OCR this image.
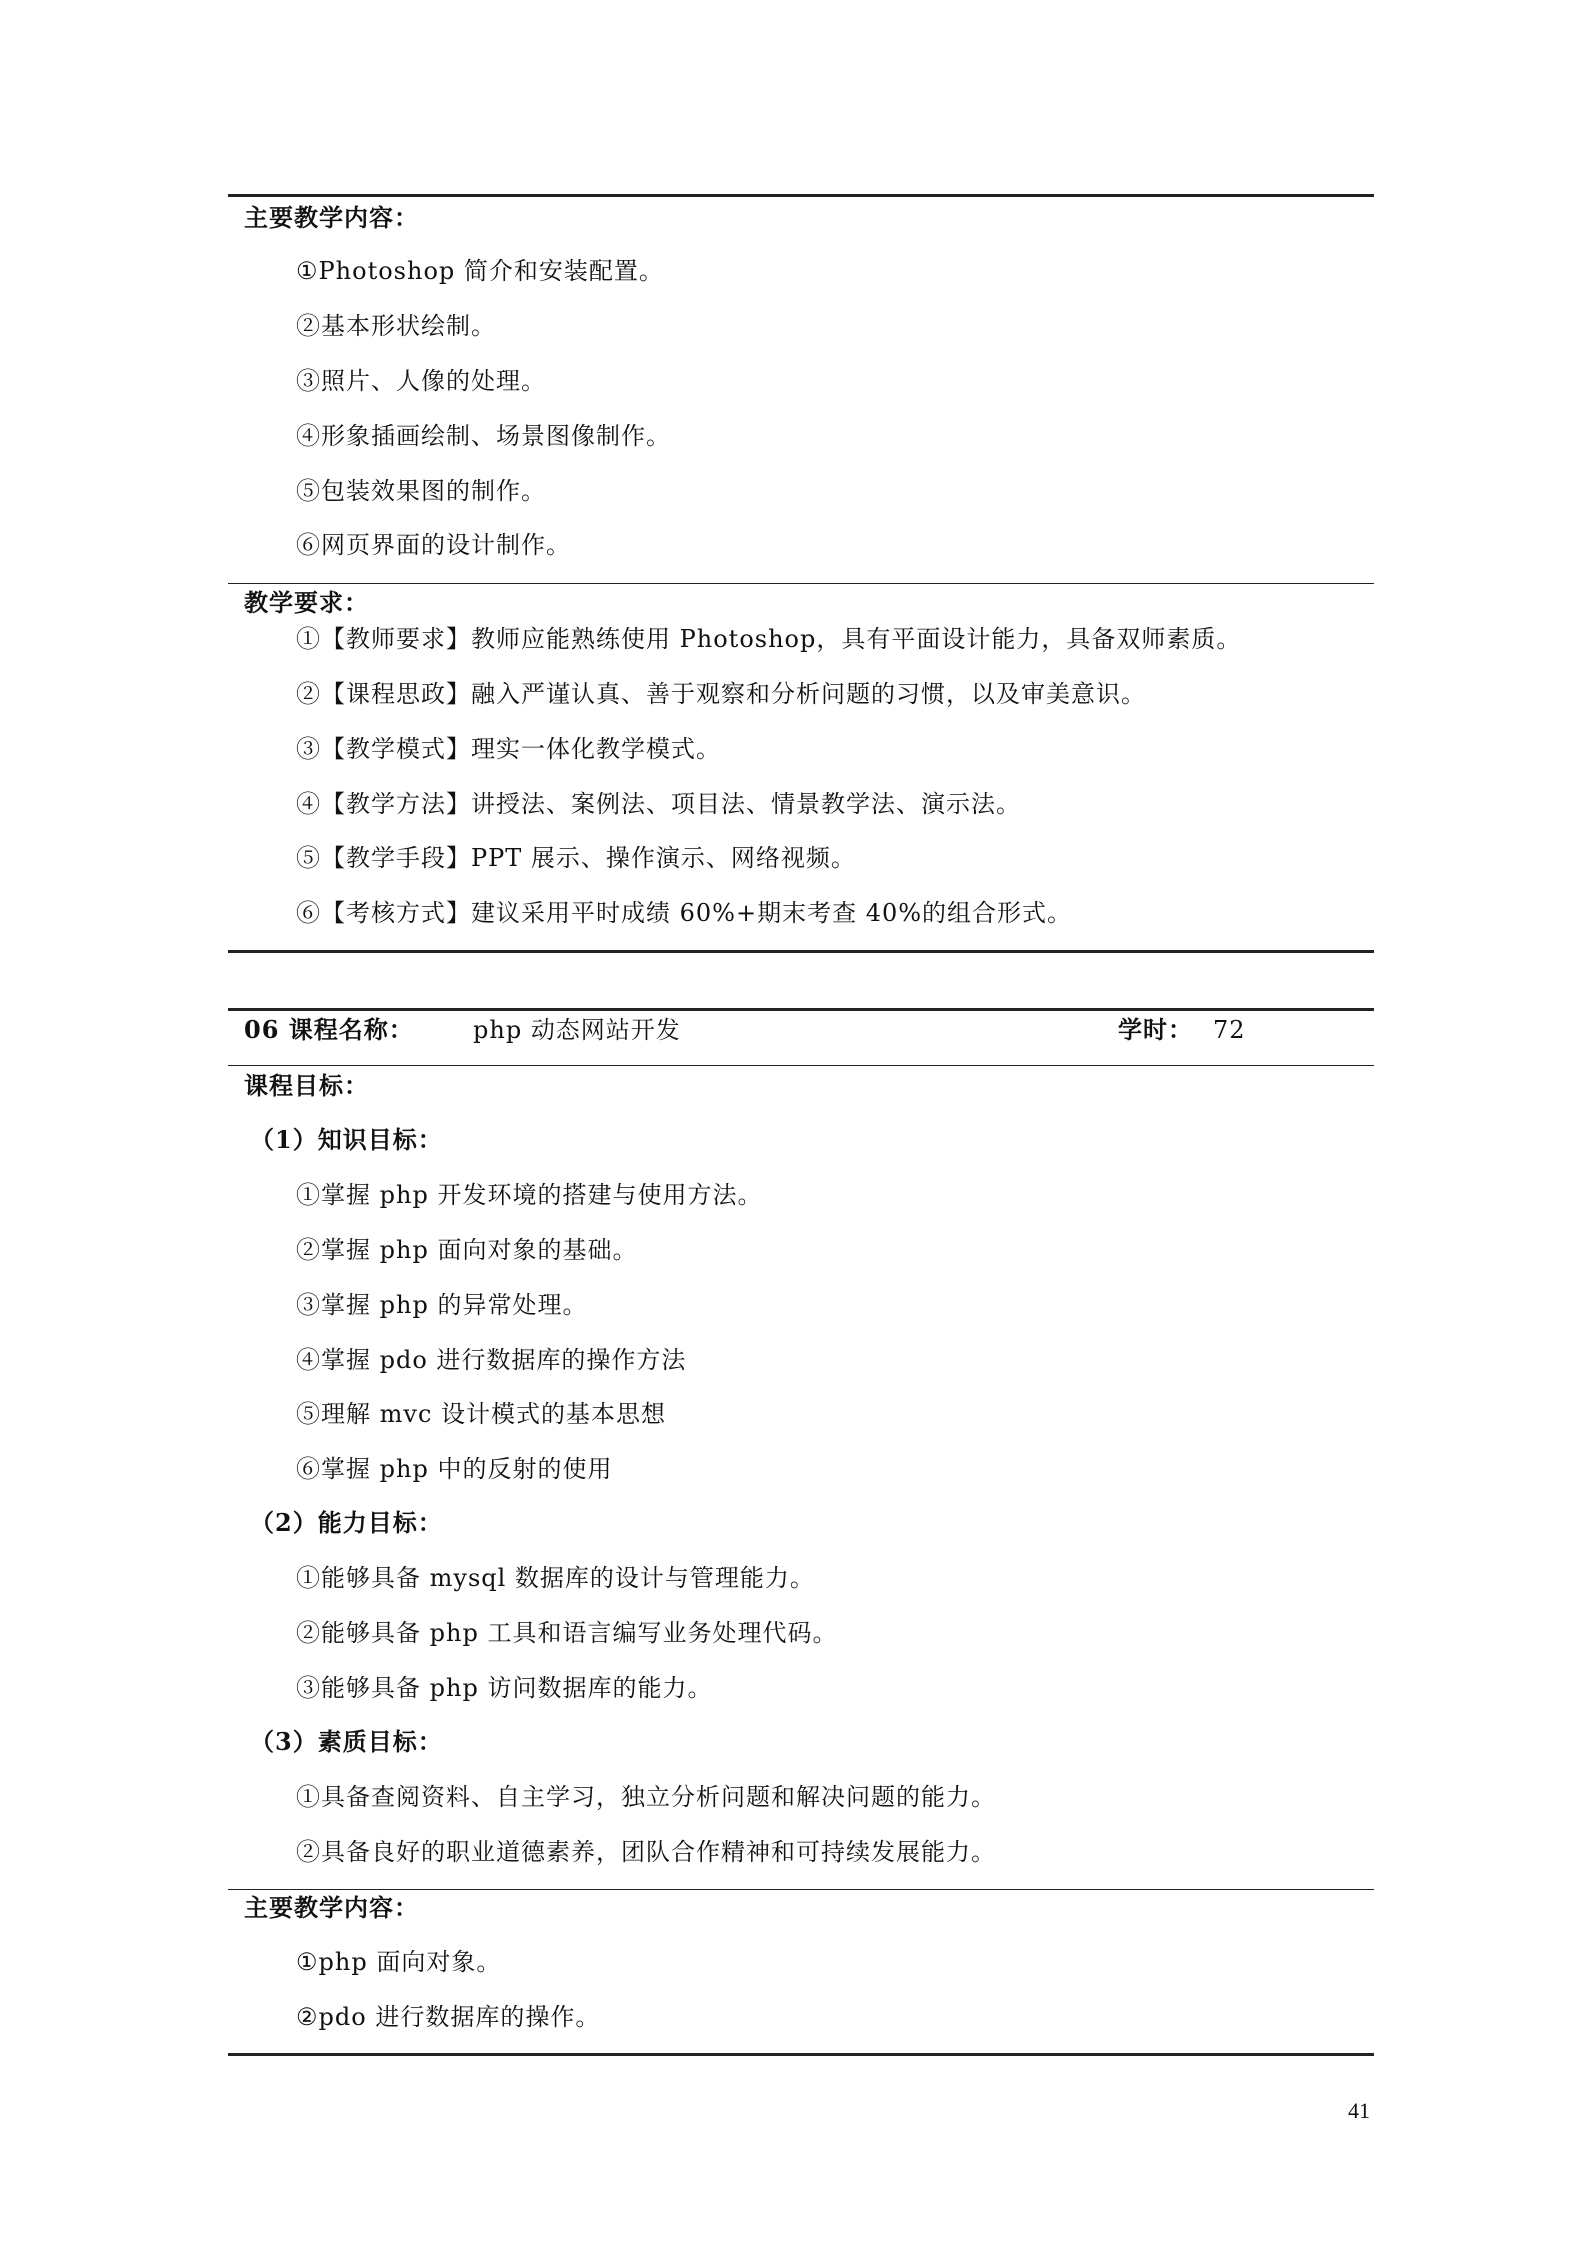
主要教学内容：
①Photoshop 简介和安装配置。
②基本形状绘制。
③照片、人像的处理。
④形象插画绘制、场景图像制作。
⑤包装效果图的制作。
⑥网页界面的设计制作。
教学要求：
①【教师要求】教师应能熟练使用 Photoshop，具有平面设计能力，具备双师素质。
②【课程思政】融入严谨认真、善于观察和分析问题的习惯，以及审美意识。
③【教学模式】理实一体化教学模式。
④【教学方法】讲授法、案例法、项目法、情景教学法、演示法。
⑤【教学手段】PPT 展示、操作演示、网络视频。
⑥【考核方式】建议采用平时成绩 60%+期末考查 40%的组合形式。
06 课程名称： php 动态网站开发	学时： 72
课程目标：
（1）知识目标：
①掌握 php 开发环境的搭建与使用方法。
②掌握 php 面向对象的基础。
③掌握 php 的异常处理。
④掌握 pdo 进行数据库的操作方法
⑤理解 mvc 设计模式的基本思想
⑥掌握 php 中的反射的使用
（2）能力目标：
①能够具备 mysql 数据库的设计与管理能力。
②能够具备 php 工具和语言编写业务处理代码。
③能够具备 php 访问数据库的能力。
（3）素质目标：
①具备查阅资料、自主学习，独立分析问题和解决问题的能力。
②具备良好的职业道德素养，团队合作精神和可持续发展能力。
主要教学内容：
①php 面向对象。
②pdo 进行数据库的操作。
41
